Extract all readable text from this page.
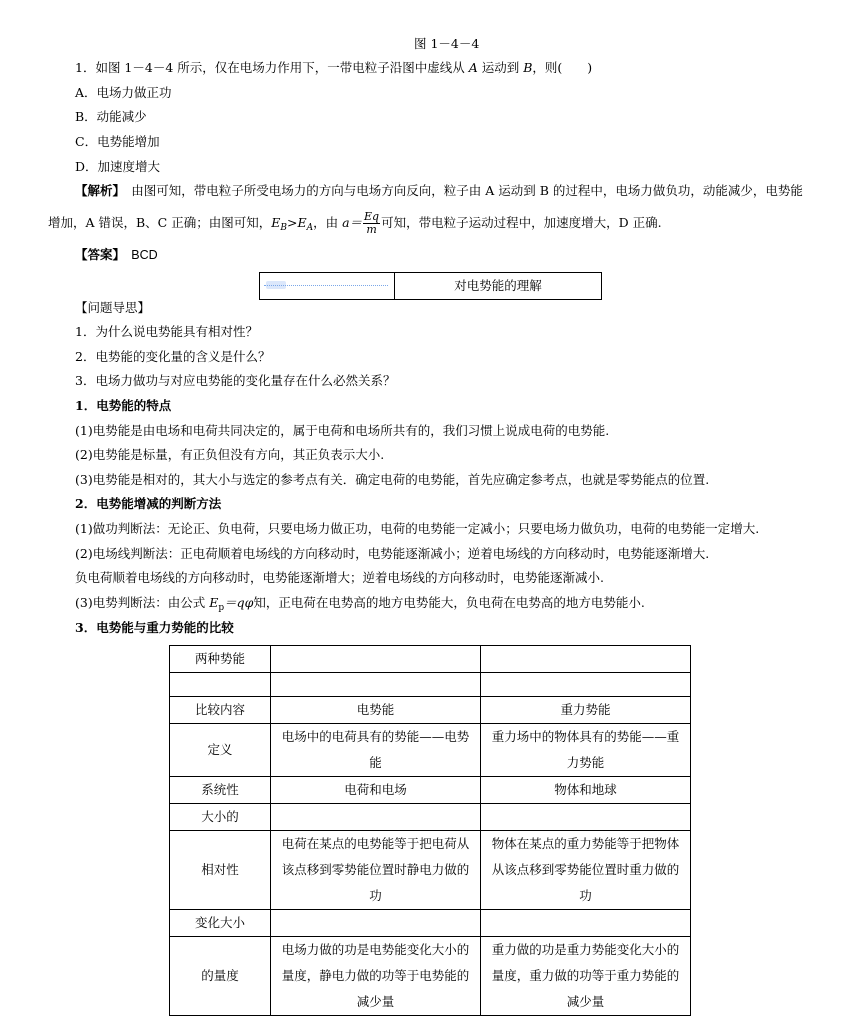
图 1－4－4
1．如图 1－4－4 所示，仅在电场力作用下，一带电粒子沿图中虚线从 A 运动到 B，则(　　)
A．电场力做正功
B．动能减少
C．电势能增加
D．加速度增大
【解析】　由图可知，带电粒子所受电场力的方向与电场方向反向，粒子由 A 运动到 B 的过程中，电场力做负功，动能减少，电势能
增加，A 错误，B、C 正确；由图可知，$E_B>E_A$，由 $a= \frac{Eq}{m}$ 可知，带电粒子运动过程中，加速度增大，D 正确.
【答案】　 BCD
对电势能的理解
【问题导思】
1．为什么说电势能具有相对性？
2．电势能的变化量的含义是什么？
3．电场力做功与对应电势能的变化量存在什么必然关系？
1．电势能的特点
(1)电势能是由电场和电荷共同决定的，属于电荷和电场所共有的，我们习惯上说成电荷的电势能.
(2)电势能是标量，有正负但没有方向，其正负表示大小.
(3)电势能是相对的，其大小与选定的参考点有关．确定电荷的电势能，首先应确定参考点，也就是零势能点的位置.
2．电势能增减的判断方法
(1)做功判断法：无论正、负电荷，只要电场力做正功，电荷的电势能一定减小；只要电场力做负功，电荷的电势能一定增大.
(2)电场线判断法：正电荷顺着电场线的方向移动时，电势能逐渐减小；逆着电场线的方向移动时，电势能逐渐增大.
负电荷顺着电场线的方向移动时，电势能逐渐增大；逆着电场线的方向移动时，电势能逐渐减小.
(3)电势判断法：由公式 $E_p=q\varphi$知，正电荷在电势高的地方电势能大，负电荷在电势高的地方电势能小.
3．电势能与重力势能的比较
两种势能		

比较内容	电势能	重力势能
定义	电场中的电荷具有的势能——电势能	重力场中的物体具有的势能——重力势能
系统性	电荷和电场	物体和地球
大小的		
相对性	电荷在某点的电势能等于把电荷从该点移到零势能位置时静电力做的功	物体在某点的重力势能等于把物体从该点移到零势能位置时重力做的功
变化大小		
的量度	电场力做的功是电势能变化大小的量度，静电力做的功等于电势能的减少量	重力做的功是重力势能变化大小的量度，重力做的功等于重力势能的减少量
